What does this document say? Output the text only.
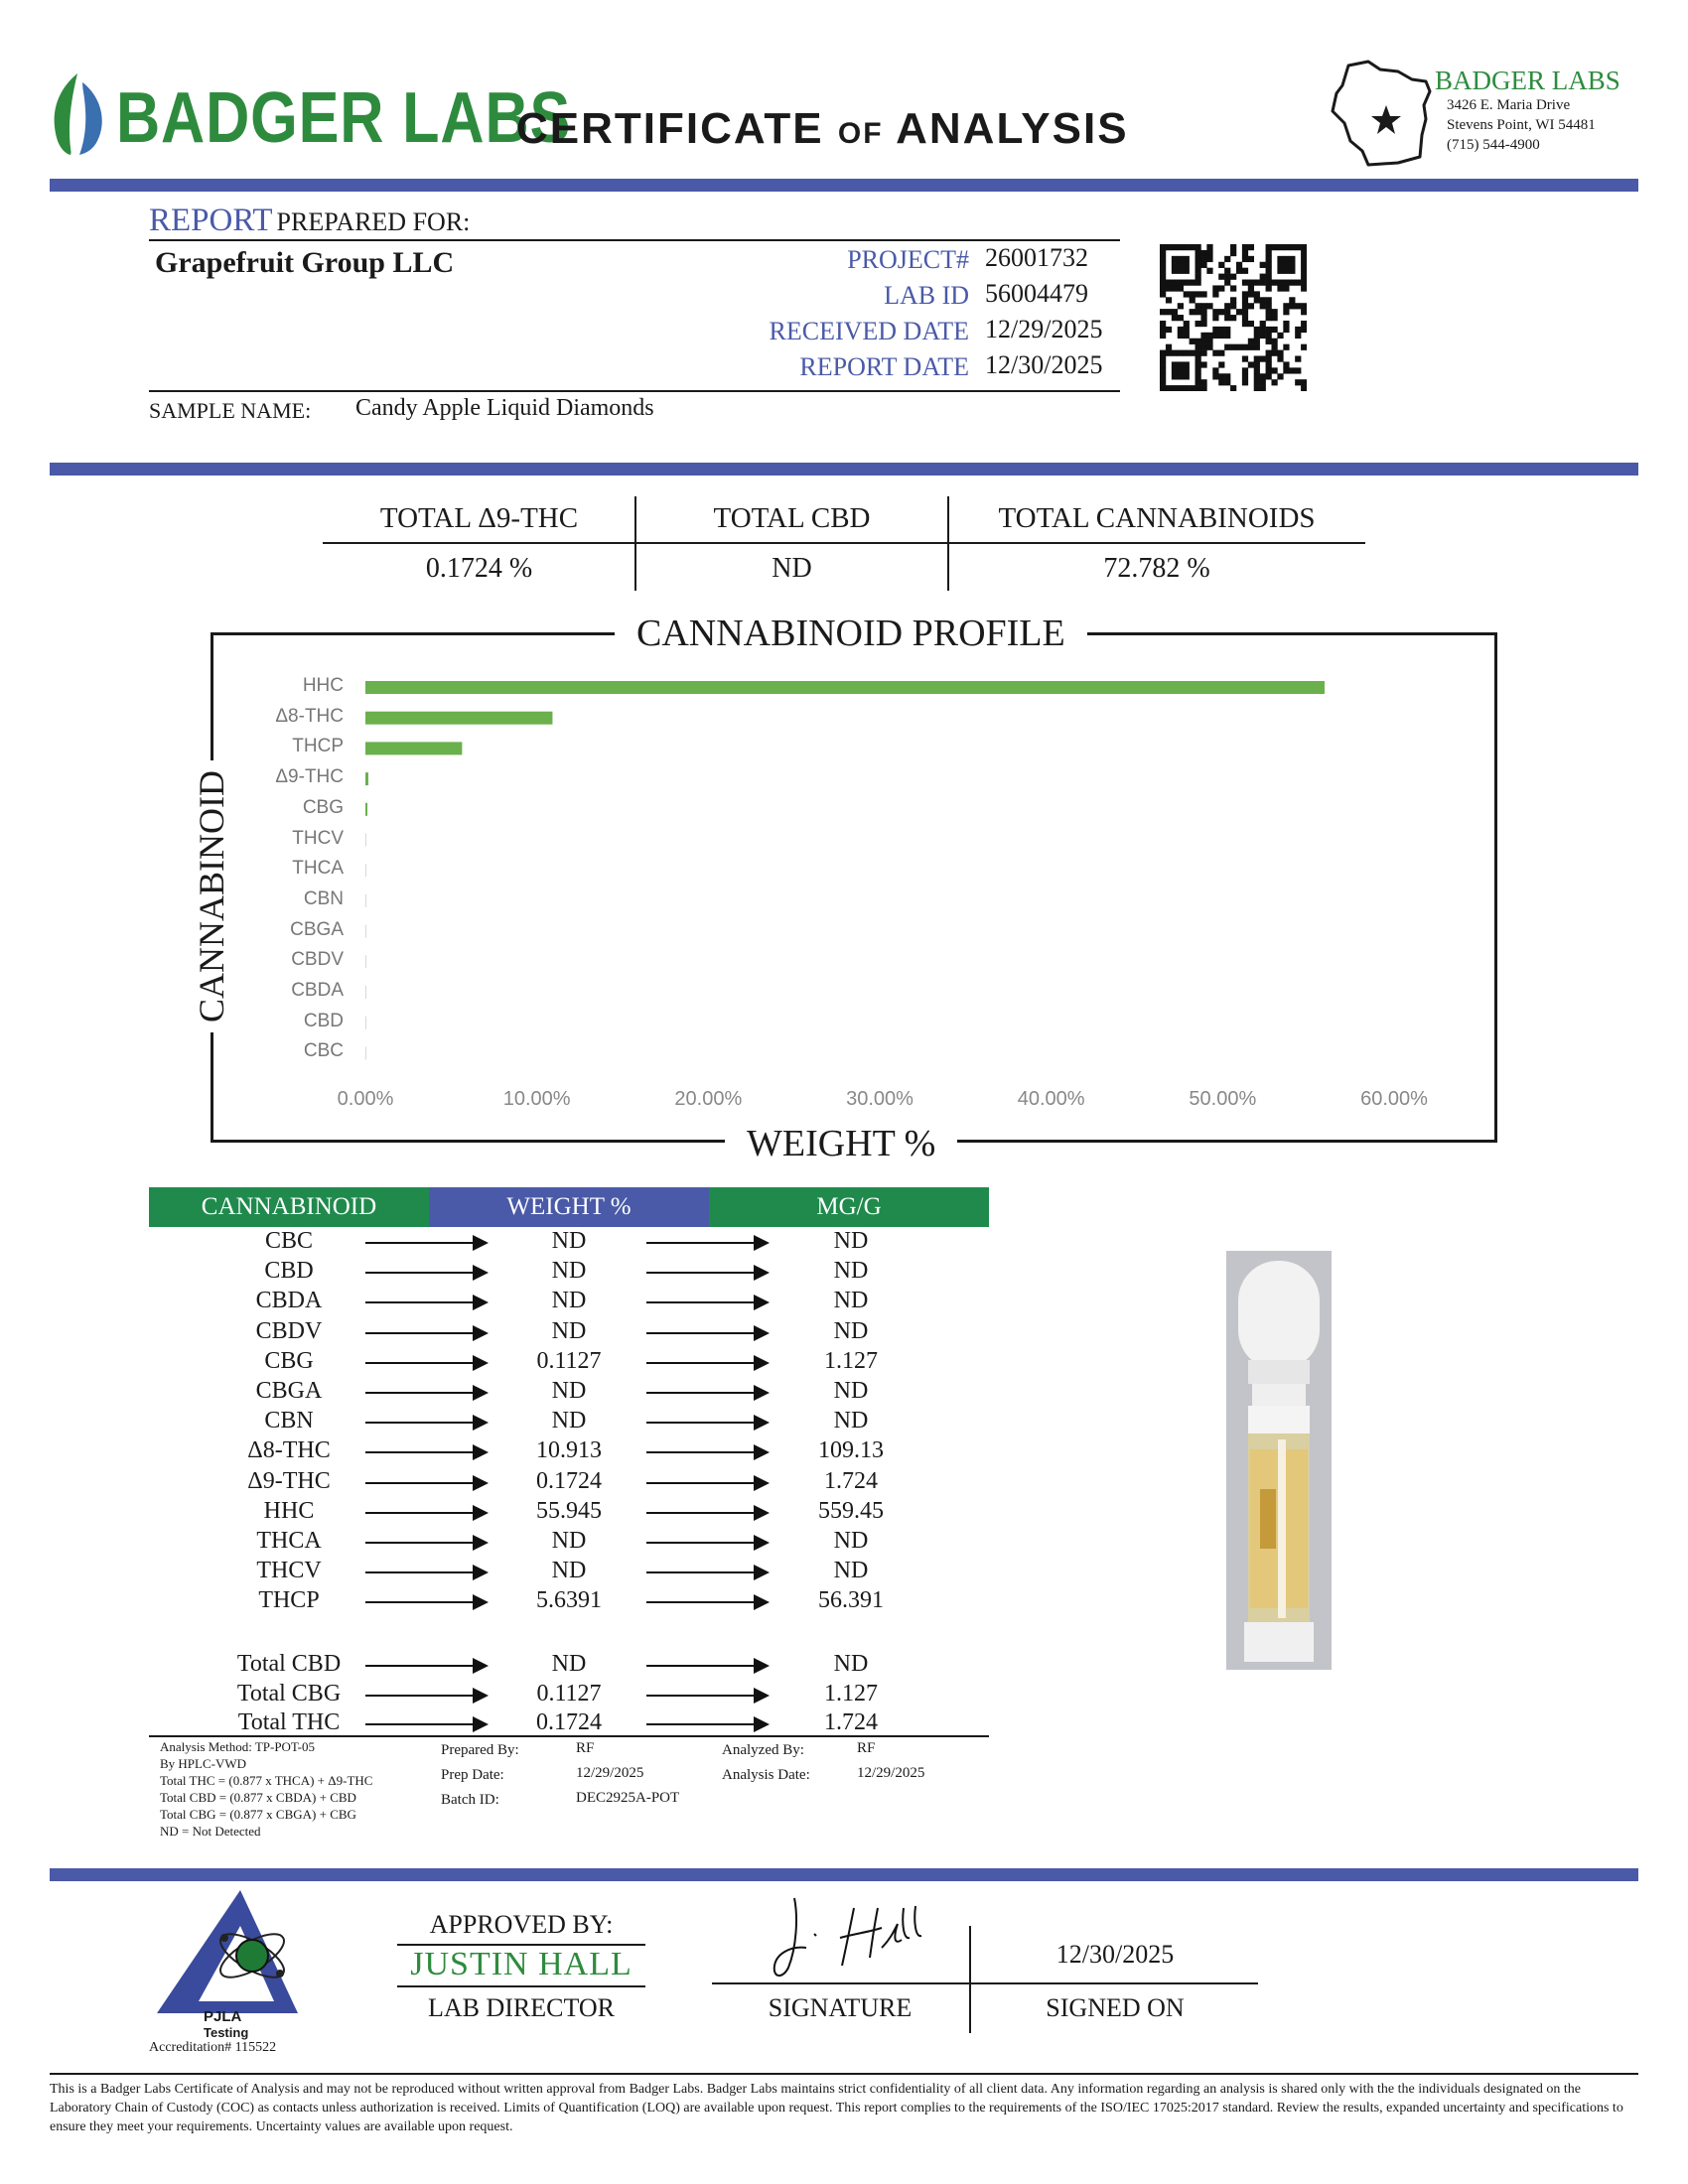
BADGER LABS
CERTIFICATE OF ANALYSIS
BADGER LABS
3426 E. Maria Drive
Stevens Point, WI 54481
(715) 544-4900
REPORT PREPARED FOR:
Grapefruit Group LLC	PROJECT# 26001732
LAB ID 56004479
RECEIVED DATE 12/29/2025
REPORT DATE 12/30/2025
SAMPLE NAME: Candy Apple Liquid Diamonds
TOTAL Δ9-THC	TOTAL CBD	TOTAL CANNABINOIDS
0.1724 %	ND	72.782 %
CANNABINOID PROFILE
WEIGHT %
CANNABINOID
HHC
Δ8-THC
THCP
Δ9-THC
CBG
THCV
THCA
CBN
CBGA
CBDV
CBDA
CBD
CBC
0.00%	10.00%	20.00%	30.00%	40.00%	50.00%	60.00%
CANNABINOID	WEIGHT %	MG/G
CBC	ND	ND
CBD	ND	ND
CBDA	ND	ND
CBDV	ND	ND
CBG	0.1127	1.127
CBGA	ND	ND
CBN	ND	ND
Δ8-THC	10.913	109.13
Δ9-THC	0.1724	1.724
HHC	55.945	559.45
THCA	ND	ND
THCV	ND	ND
THCP	5.6391	56.391
Total CBD	ND	ND
Total CBG	0.1127	1.127
Total THC	0.1724	1.724
Analysis Method: TP-POT-05
By HPLC-VWD
Total THC = (0.877 x THCA) + Δ9-THC
Total CBD = (0.877 x CBDA) + CBD
Total CBG = (0.877 x CBGA) + CBG
ND = Not Detected
Prepared By:	RF
Prep Date:	12/29/2025
Batch ID:	DEC2925A-POT
Analyzed By:	RF
Analysis Date:	12/29/2025
PJLA
Testing
Accreditation# 115522
APPROVED BY:
JUSTIN HALL
LAB DIRECTOR	SIGNATURE
12/30/2025
SIGNED ON
This is a Badger Labs Certificate of Analysis and may not be reproduced without written approval from Badger Labs. Badger Labs maintains strict confidentiality of all client data. Any information regarding an analysis is shared only with the the individuals designated on the Laboratory Chain of Custody (COC) as contacts unless authorization is received. Limits of Quantification (LOQ) are available upon request. This report complies to the requirements of the ISO/IEC 17025:2017 standard. Review the results, expanded uncertainty and specifications to ensure they meet your requirements. Uncertainty values are available upon request.
